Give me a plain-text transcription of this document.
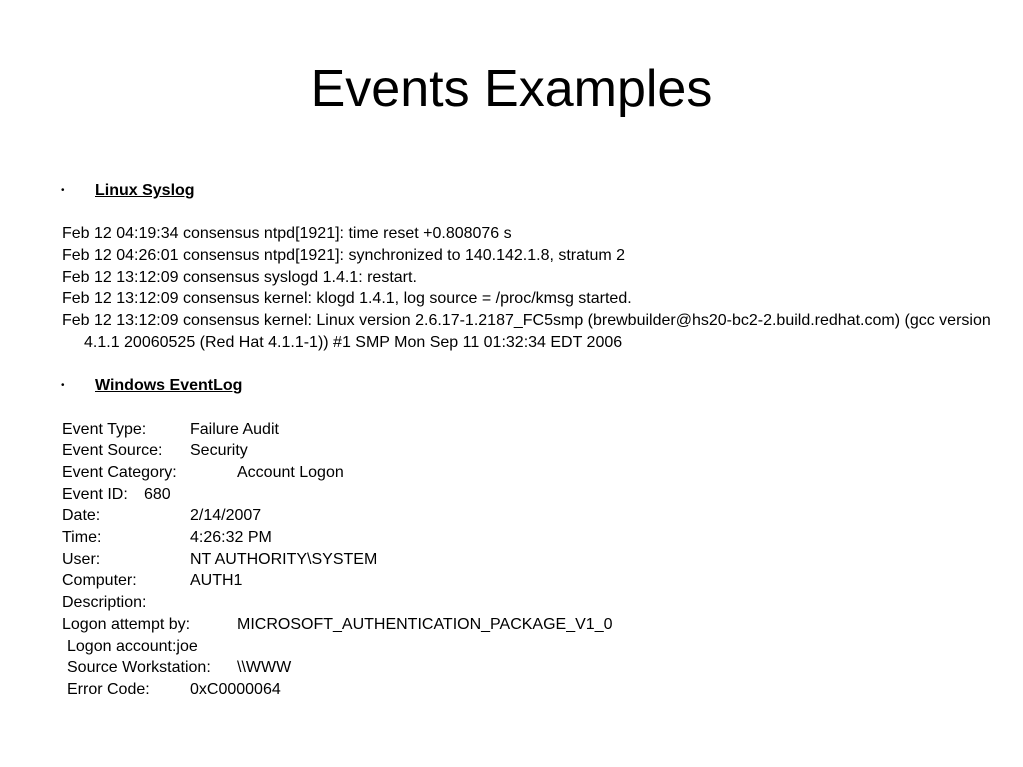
Events Examples
• Linux Syslog
Feb 12 04:19:34 consensus ntpd[1921]: time reset +0.808076 s
Feb 12 04:26:01 consensus ntpd[1921]: synchronized to 140.142.1.8, stratum 2
Feb 12 13:12:09 consensus syslogd 1.4.1: restart.
Feb 12 13:12:09 consensus kernel: klogd 1.4.1, log source = /proc/kmsg started.
Feb 12 13:12:09 consensus kernel: Linux version 2.6.17-1.2187_FC5smp (brewbuilder@hs20-bc2-2.build.redhat.com) (gcc version 4.1.1 20060525 (Red Hat 4.1.1-1)) #1 SMP Mon Sep 11 01:32:34 EDT 2006
• Windows EventLog
Event Type:	Failure Audit
Event Source: Security
Event Category:	Account Logon
Event ID: 680
Date:	2/14/2007
Time:	4:26:32 PM
User:	NT AUTHORITY\SYSTEM
Computer:	AUTH1
Description:
Logon attempt by:	MICROSOFT_AUTHENTICATION_PACKAGE_V1_0
Logon account:joe
Source Workstation: \\WWW
Error Code:	0xC0000064
